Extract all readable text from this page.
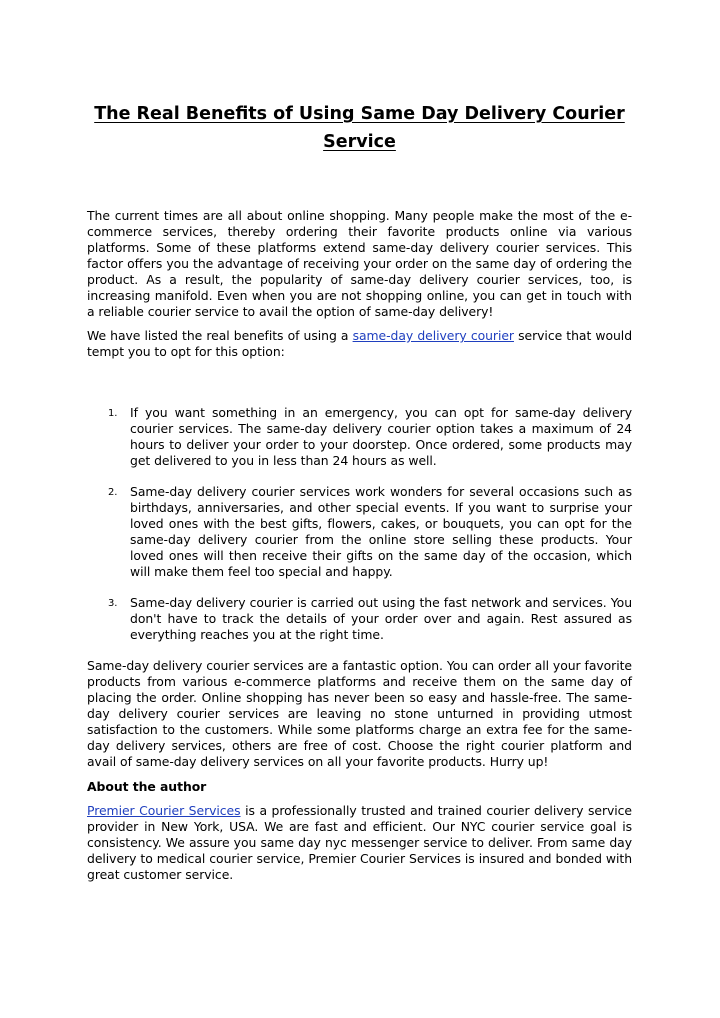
The Real Benefits of Using Same Day Delivery Courier Service

The current times are all about online shopping. Many people make the most of the e-commerce services, thereby ordering their favorite products online via various platforms. Some of these platforms extend same-day delivery courier services. This factor offers you the advantage of receiving your order on the same day of ordering the product. As a result, the popularity of same-day delivery courier services, too, is increasing manifold. Even when you are not shopping online, you can get in touch with a reliable courier service to avail the option of same-day delivery!

We have listed the real benefits of using a same-day delivery courier service that would tempt you to opt for this option:

1. If you want something in an emergency, you can opt for same-day delivery courier services. The same-day delivery courier option takes a maximum of 24 hours to deliver your order to your doorstep. Once ordered, some products may get delivered to you in less than 24 hours as well.
2. Same-day delivery courier services work wonders for several occasions such as birthdays, anniversaries, and other special events. If you want to surprise your loved ones with the best gifts, flowers, cakes, or bouquets, you can opt for the same-day delivery courier from the online store selling these products. Your loved ones will then receive their gifts on the same day of the occasion, which will make them feel too special and happy.
3. Same-day delivery courier is carried out using the fast network and services. You don't have to track the details of your order over and again. Rest assured as everything reaches you at the right time.

Same-day delivery courier services are a fantastic option. You can order all your favorite products from various e-commerce platforms and receive them on the same day of placing the order. Online shopping has never been so easy and hassle-free. The same-day delivery courier services are leaving no stone unturned in providing utmost satisfaction to the customers. While some platforms charge an extra fee for the same-day delivery services, others are free of cost. Choose the right courier platform and avail of same-day delivery services on all your favorite products. Hurry up!

About the author

Premier Courier Services is a professionally trusted and trained courier delivery service provider in New York, USA. We are fast and efficient. Our NYC courier service goal is consistency. We assure you same day nyc messenger service to deliver. From same day delivery to medical courier service, Premier Courier Services is insured and bonded with great customer service.
